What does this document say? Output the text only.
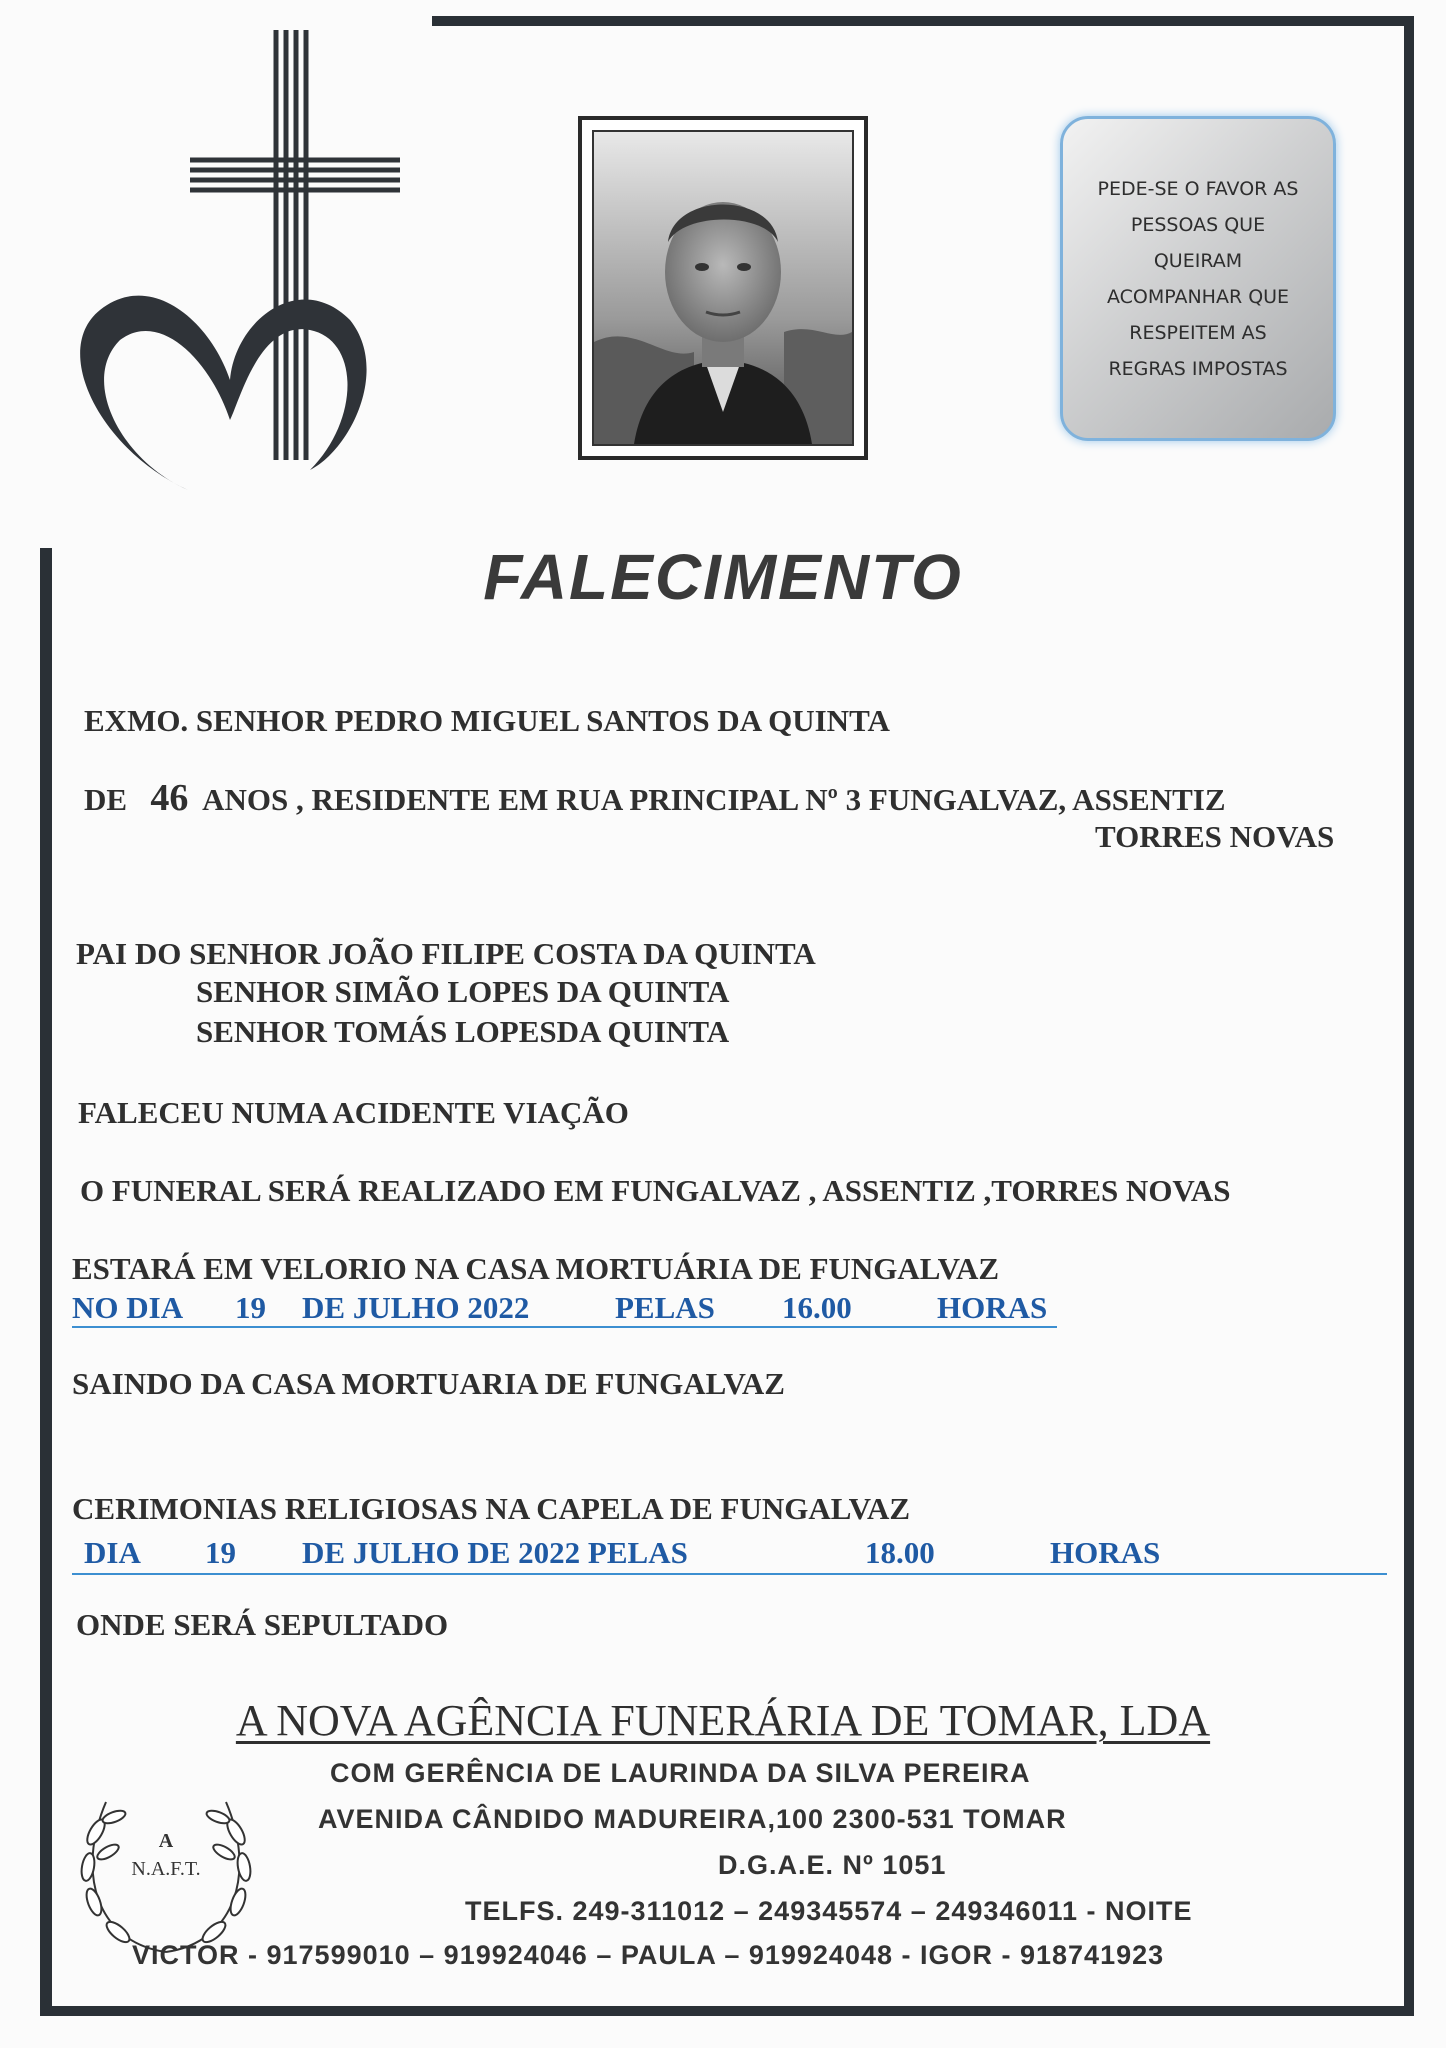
PEDE-SE O FAVOR AS
PESSOAS QUE
QUEIRAM
ACOMPANHAR QUE
RESPEITEM AS
REGRAS IMPOSTAS
FALECIMENTO
EXMO. SENHOR PEDRO MIGUEL SANTOS DA QUINTA
DE 46 ANOS , RESIDENTE EM RUA PRINCIPAL Nº 3 FUNGALVAZ, ASSENTIZ
TORRES NOVAS
PAI DO SENHOR JOÃO FILIPE COSTA DA QUINTA
SENHOR SIMÃO LOPES DA QUINTA
SENHOR TOMÁS LOPESDA QUINTA
FALECEU NUMA ACIDENTE VIAÇÃO
O FUNERAL SERÁ REALIZADO EM FUNGALVAZ , ASSENTIZ ,TORRES NOVAS
ESTARÁ EM VELORIO NA CASA MORTUÁRIA DE FUNGALVAZ
NO DIA 19 DE JULHO 2022	PELAS 16.00	HORAS
SAINDO DA CASA MORTUARIA DE FUNGALVAZ
CERIMONIAS RELIGIOSAS NA CAPELA DE FUNGALVAZ
DIA 19 DE JULHO DE 2022 PELAS	18.00	HORAS
ONDE SERÁ SEPULTADO
A NOVA AGÊNCIA FUNERÁRIA DE TOMAR, LDA
A
N.A.F.T.
COM GERÊNCIA DE LAURINDA DA SILVA PEREIRA
AVENIDA CÂNDIDO MADUREIRA,100 2300-531 TOMAR
D.G.A.E. Nº 1051
TELFS. 249-311012 – 249345574 – 249346011 - NOITE
VICTOR - 917599010 – 919924046 – PAULA – 919924048 - IGOR - 918741923
